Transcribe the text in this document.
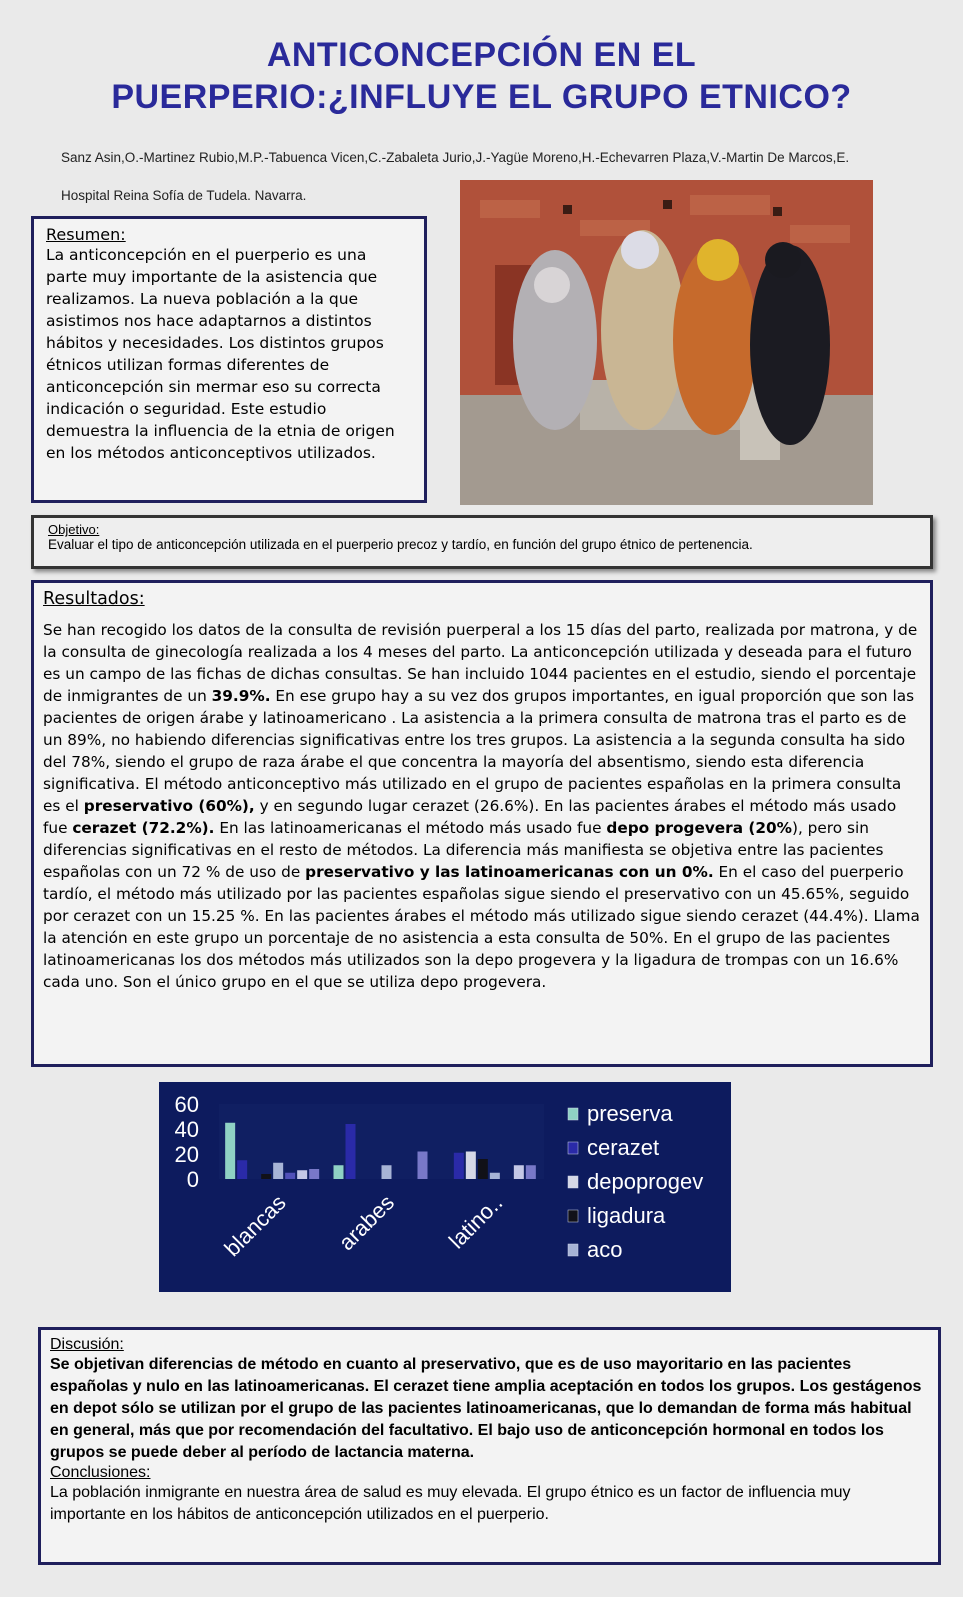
ANTICONCEPCIÓN EN EL
PUERPERIO:¿INFLUYE EL GRUPO ETNICO?
Sanz Asin,O.-Martinez Rubio,M.P.-Tabuenca Vicen,C.-Zabaleta Jurio,J.-Yagüe Moreno,H.-Echevarren Plaza,V.-Martin De Marcos,E.
Hospital Reina Sofía de Tudela. Navarra.
Resumen:
La anticoncepción en el puerperio es una parte muy importante de la asistencia que realizamos. La nueva población a la que asistimos nos hace adaptarnos a distintos hábitos y necesidades. Los distintos grupos étnicos utilizan formas diferentes de anticoncepción sin mermar eso su correcta indicación o seguridad. Este estudio demuestra la influencia de la etnia de origen en los métodos anticonceptivos utilizados.
Objetivo:
Evaluar el tipo de anticoncepción utilizada en el puerperio precoz y tardío, en función del grupo étnico de pertenencia.
Resultados:
Se han recogido los datos de la consulta de revisión puerperal a los 15 días del parto, realizada por matrona, y de la consulta de ginecología realizada a los 4 meses del parto. La anticoncepción utilizada y deseada para el futuro es un campo de las fichas de dichas consultas. Se han incluido 1044 pacientes en el estudio, siendo el porcentaje de inmigrantes de un 39.9%. En ese grupo hay a su vez dos grupos importantes, en igual proporción que son las pacientes de origen árabe y latinoamericano . La asistencia a la primera consulta de matrona tras el parto es de un 89%, no habiendo diferencias significativas entre los tres grupos. La asistencia a la segunda consulta ha sido del 78%, siendo el grupo de raza árabe el que concentra la mayoría del absentismo, siendo esta diferencia significativa. El método anticonceptivo más utilizado en el grupo de pacientes españolas en la primera consulta es el preservativo (60%), y en segundo lugar cerazet (26.6%). En las pacientes árabes el método más usado fue cerazet (72.2%). En las latinoamericanas el método más usado fue depo progevera (20%), pero sin diferencias significativas en el resto de métodos. La diferencia más manifiesta se objetiva entre las pacientes españolas con un 72 % de uso de preservativo y las latinoamericanas con un 0%. En el caso del puerperio tardío, el método más utilizado por las pacientes españolas sigue siendo el preservativo con un 45.65%, seguido por cerazet con un 15.25 %. En las pacientes árabes el método más utilizado sigue siendo cerazet (44.4%). Llama la atención en este grupo un porcentaje de no asistencia a esta consulta de 50%. En el grupo de las pacientes latinoamericanas los dos métodos más utilizados son la depo progevera y la ligadura de trompas con un 16.6% cada uno. Son el único grupo en el que se utiliza depo progevera.
60
40
20
0
blancas arabes latino..
preserva
cerazet
depoprogev
ligadura
aco
Discusión:
Se objetivan diferencias de método en cuanto al preservativo, que es de uso mayoritario en las pacientes españolas y nulo en las latinoamericanas. El cerazet tiene amplia aceptación en todos los grupos. Los gestágenos en depot sólo se utilizan por el grupo de las pacientes latinoamericanas, que lo demandan de forma más habitual en general, más que por recomendación del facultativo. El bajo uso de anticoncepción hormonal en todos los grupos se puede deber al período de lactancia materna.
Conclusiones:
La población inmigrante en nuestra área de salud es muy elevada. El grupo étnico es un factor de influencia muy importante en los hábitos de anticoncepción utilizados en el puerperio.
